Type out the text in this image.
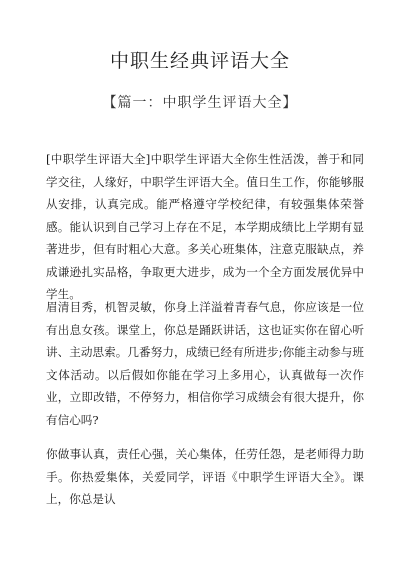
中职生经典评语大全
【篇一：中职学生评语大全】

[中职学生评语大全]中职学生评语大全你生性活泼，善于和同学交往，人缘好，中职学生评语大全。值日生工作，你能够服从安排，认真完成。能严格遵守学校纪律，有较强集体荣誉感。能认识到自己学习上存在不足，本学期成绩比上学期有显著进步，但有时粗心大意。多关心班集体，注意克服缺点，养成谦逊扎实品格，争取更大进步，成为一个全方面发展优异中学生。

眉清目秀，机智灵敏，你身上洋溢着青春气息，你应该是一位有出息女孩。课堂上，你总是踊跃讲话，这也证实你在留心听讲、主动思索。几番努力，成绩已经有所进步;你能主动参与班文体活动。以后假如你能在学习上多用心，认真做每一次作业，立即改错，不停努力，相信你学习成绩会有很大提升，你有信心吗?

你做事认真，责任心强，关心集体，任劳任怨，是老师得力助手。你热爱集体，关爱同学，评语《中职学生评语大全》。课上，你总是认
